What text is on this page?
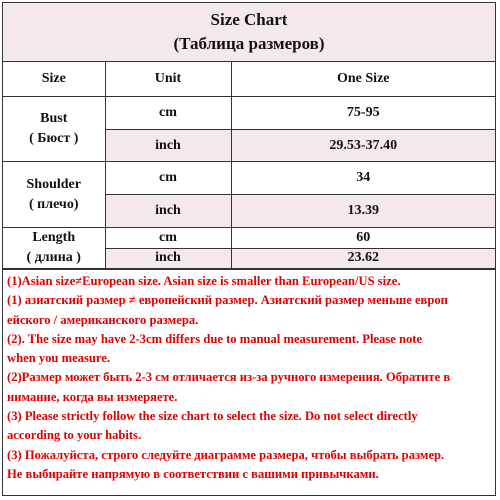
Size Chart
(Таблица размеров)
Size	Unit	One Size

Bust
( Бюст )	cm	75-95
	inch	29.53-37.40

Shoulder
( плечо)	cm	34
	inch	13.39

Length
( длина )	cm	60
	inch	23.62
(1)Asian size≠European size. Asian size is smaller than European/US size.
(1) азиатский размер ≠ европейский размер. Азиатский размер меньше европ
ейского / американского размера.
(2). The size may have 2-3cm differs due to manual measurement. Please note
when you measure.
(2)Размер может быть 2-3 см отличается из-за ручного измерения. Обратите в
нимание, когда вы измеряете.
(3) Please strictly follow the size chart to select the size. Do not select directly
according to your habits.
(3) Пожалуйста, строго следуйте диаграмме размера, чтобы выбрать размер.
Не выбирайте напрямую в соответствии с вашими привычками.
